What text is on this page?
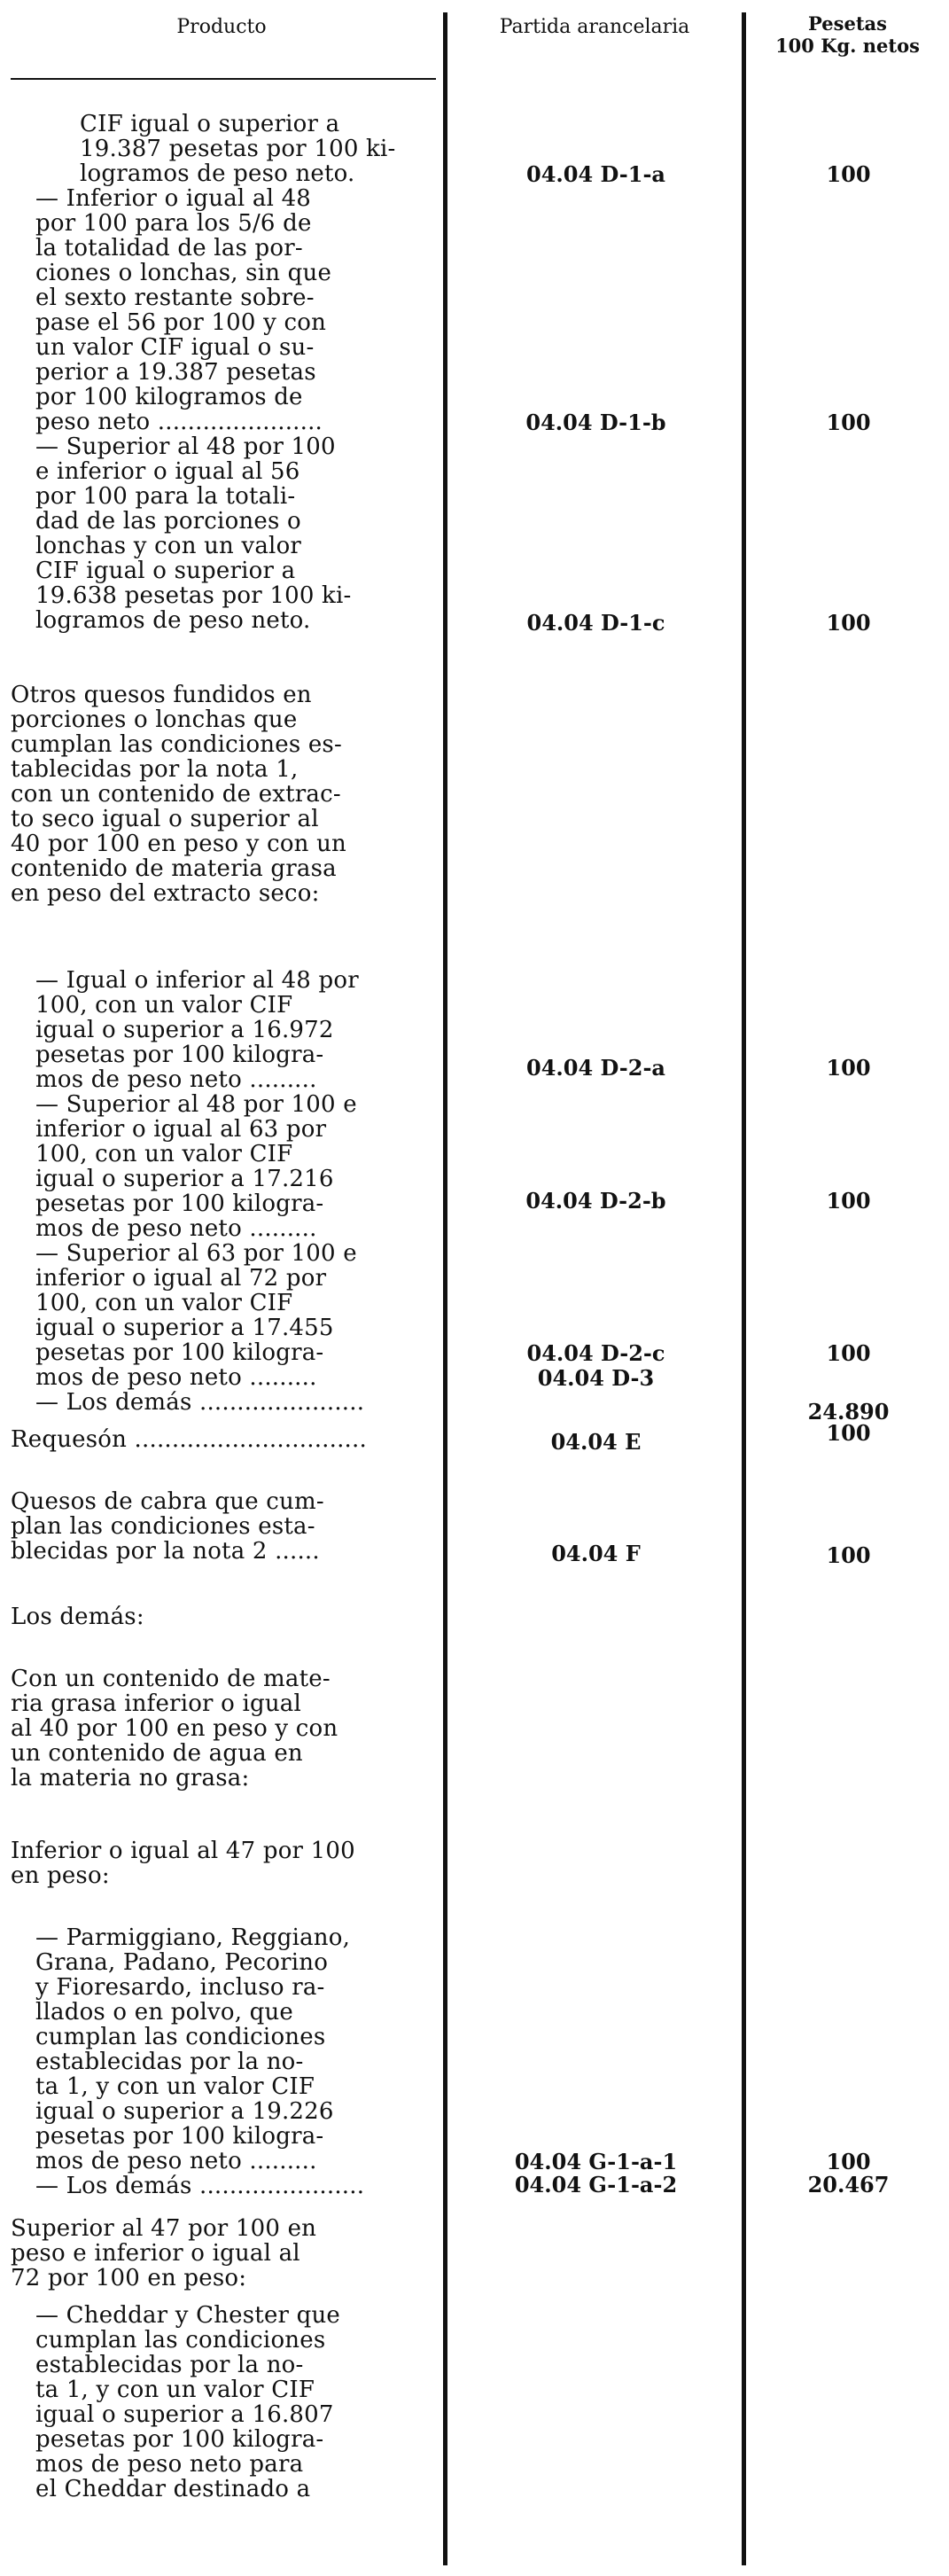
Producto	Partida arancelaria	Pesetas
100 Kg. netos
CIF igual o superior a
19.387 pesetas por 100 ki-
logramos de peso neto.
— Inferior o igual al 48
por 100 para los 5/6 de
la totalidad de las por-
ciones o lonchas, sin que
el sexto restante sobre-
pase el 56 por 100 y con
un valor CIF igual o su-
perior a 19.387 pesetas
por 100 kilogramos de
peso neto ......................
— Superior al 48 por 100
e inferior o igual al 56
por 100 para la totali-
dad de las porciones o
lonchas y con un valor
CIF igual o superior a
19.638 pesetas por 100 ki-
logramos de peso neto.
Otros quesos fundidos en
porciones o lonchas que
cumplan las condiciones es-
tablecidas por la nota 1,
con un contenido de extrac-
to seco igual o superior al
40 por 100 en peso y con un
contenido de materia grasa
en peso del extracto seco:
— Igual o inferior al 48 por
100, con un valor CIF
igual o superior a 16.972
pesetas por 100 kilogra-
mos de peso neto .........
— Superior al 48 por 100 e
inferior o igual al 63 por
100, con un valor CIF
igual o superior a 17.216
pesetas por 100 kilogra-
mos de peso neto .........
— Superior al 63 por 100 e
inferior o igual al 72 por
100, con un valor CIF
igual o superior a 17.455
pesetas por 100 kilogra-
mos de peso neto .........
— Los demás ......................
Requesón ...............................
Quesos de cabra que cum-
plan las condiciones esta-
blecidas por la nota 2 ......
Los demás:
Con un contenido de mate-
ria grasa inferior o igual
al 40 por 100 en peso y con
un contenido de agua en
la materia no grasa:
Inferior o igual al 47 por 100
en peso:
— Parmiggiano, Reggiano,
Grana, Padano, Pecorino
y Fioresardo, incluso ra-
llados o en polvo, que
cumplan las condiciones
establecidas por la no-
ta 1, y con un valor CIF
igual o superior a 19.226
pesetas por 100 kilogra-
mos de peso neto .........
— Los demás ......................
Superior al 47 por 100 en
peso e inferior o igual al
72 por 100 en peso:
— Cheddar y Chester que
cumplan las condiciones
establecidas por la no-
ta 1, y con un valor CIF
igual o superior a 16.807
pesetas por 100 kilogra-
mos de peso neto para
el Cheddar destinado a
04.04 D-1-a
04.04 D-1-b
04.04 D-1-c
04.04 D-2-a
04.04 D-2-b
04.04 D-2-c
04.04 D-3
04.04 E
04.04 F
04.04 G-1-a-1
04.04 G-1-a-2
100
100
100
100
100
100
24.890
100
100
100
20.467
